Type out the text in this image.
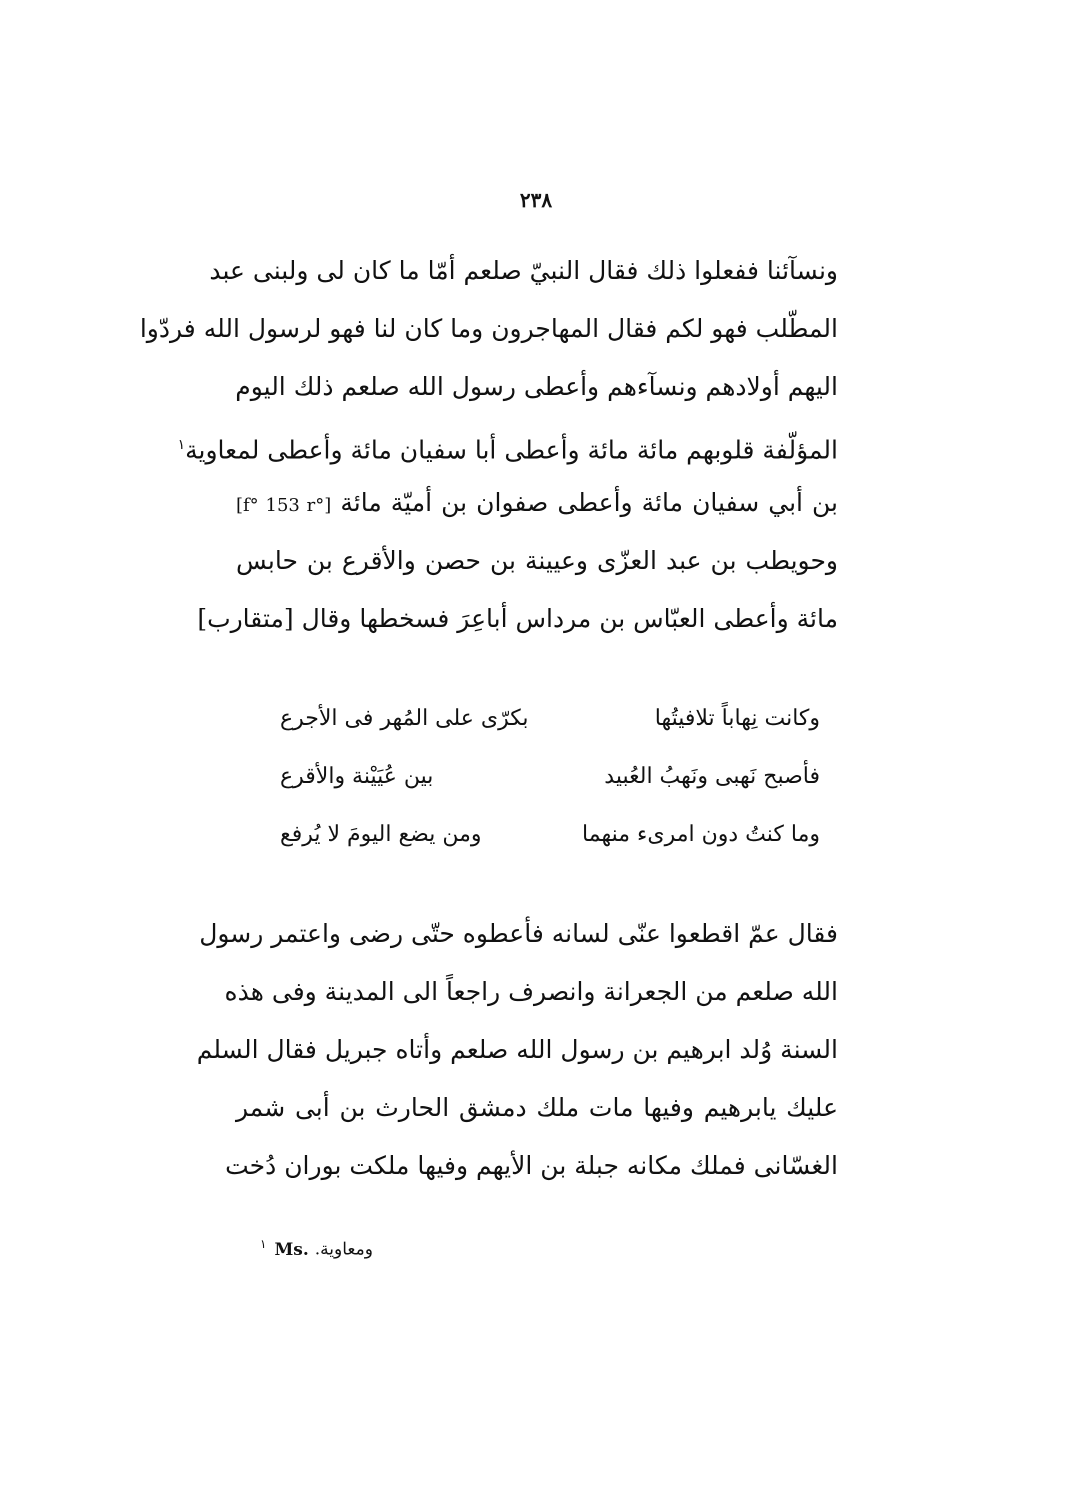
٢٣٨
ونسآئنا ففعلوا ذلك فقال النبيّ صلعم أمّا ما كان لى ولبنى عبد
المطّلب فهو لكم فقال المهاجرون وما كان لنا فهو لرسول الله فردّوا
اليهم أولادهم ونسآءهم وأعطى رسول الله صلعم ذلك اليوم
المؤلّفة قلوبهم مائة مائة وأعطى أبا سفيان مائة وأعطى لمعاوية$^١$
بن أبي سفيان مائة وأعطى صفوان بن أميّة مائة [f° 153 r°]
وحويطب بن عبد العزّى وعيينة بن حصن والأقرع بن حابس
مائة وأعطى العبّاس بن مرداس أباعِرَ فسخطها وقال [متقارب]
وكانت نِهاباً تلافيتُها
بكرّى على المُهر فى الأجرع
فأصبح نَهبى ونَهبُ العُبيد
بين عُيَيْنة والأقرع
وما كنتُ دون امرىء منهما
ومن يضع اليومَ لا يُرفع
فقال عمّ اقطعوا عنّى لسانه فأعطوه حتّى رضى واعتمر رسول
الله صلعم من الجعرانة وانصرف راجعاً الى المدينة وفى هذه
السنة وُلد ابرهيم بن رسول الله صلعم وأتاه جبريل فقال السلم
عليك يابرهيم وفيها مات ملك دمشق الحارث بن أبى شمر
الغسّانى فملك مكانه جبلة بن الأيهم وفيها ملكت بوران دُخت
$^١$ Ms. ومعاوية.
